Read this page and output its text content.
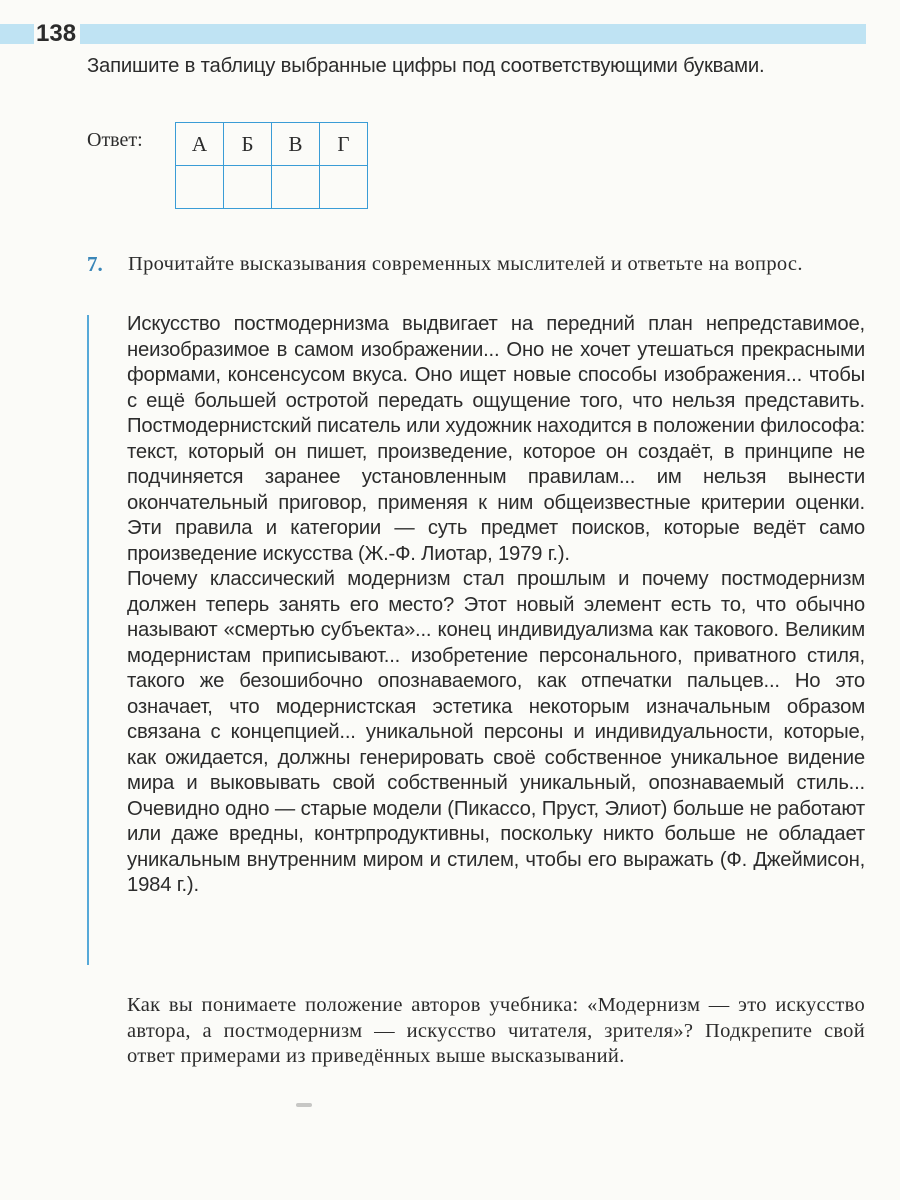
138
Запишите в таблицу выбранные цифры под соответствующими буквами.
Ответ: А	Б	В	Г

7. Прочитайте высказывания современных мыслителей и ответьте на вопрос.

Искусство постмодернизма выдвигает на передний план непредставимое, неизобразимое в самом изображении... Оно не хочет утешаться прекрасными формами, консенсусом вкуса. Оно ищет новые способы изображения... чтобы с ещё большей остротой передать ощущение того, что нельзя представить. Постмодернистский писатель или художник находится в положении философа: текст, который он пишет, произведение, которое он создаёт, в принципе не подчиняется заранее установленным правилам... им нельзя вынести окончательный приговор, применяя к ним общеизвестные критерии оценки. Эти правила и категории — суть предмет поисков, которые ведёт само произведение искусства (Ж.-Ф. Лиотар, 1979 г.).

Почему классический модернизм стал прошлым и почему постмодернизм должен теперь занять его место? Этот новый элемент есть то, что обычно называют «смертью субъекта»... конец индивидуализма как такового. Великим модернистам приписывают... изобретение персонального, приватного стиля, такого же безошибочно опознаваемого, как отпечатки пальцев... Но это означает, что модернистская эстетика некоторым изначальным образом связана с концепцией... уникальной персоны и индивидуальности, которые, как ожидается, должны генерировать своё собственное уникальное видение мира и выковывать свой собственный уникальный, опознаваемый стиль... Очевидно одно — старые модели (Пикассо, Пруст, Элиот) больше не работают или даже вредны, контрпродуктивны, поскольку никто больше не обладает уникальным внутренним миром и стилем, чтобы его выражать (Ф. Джеймисон, 1984 г.).

Как вы понимаете положение авторов учебника: «Модернизм — это искусство автора, а постмодернизм — искусство читателя, зрителя»? Подкрепите свой ответ примерами из приведённых выше высказываний.
